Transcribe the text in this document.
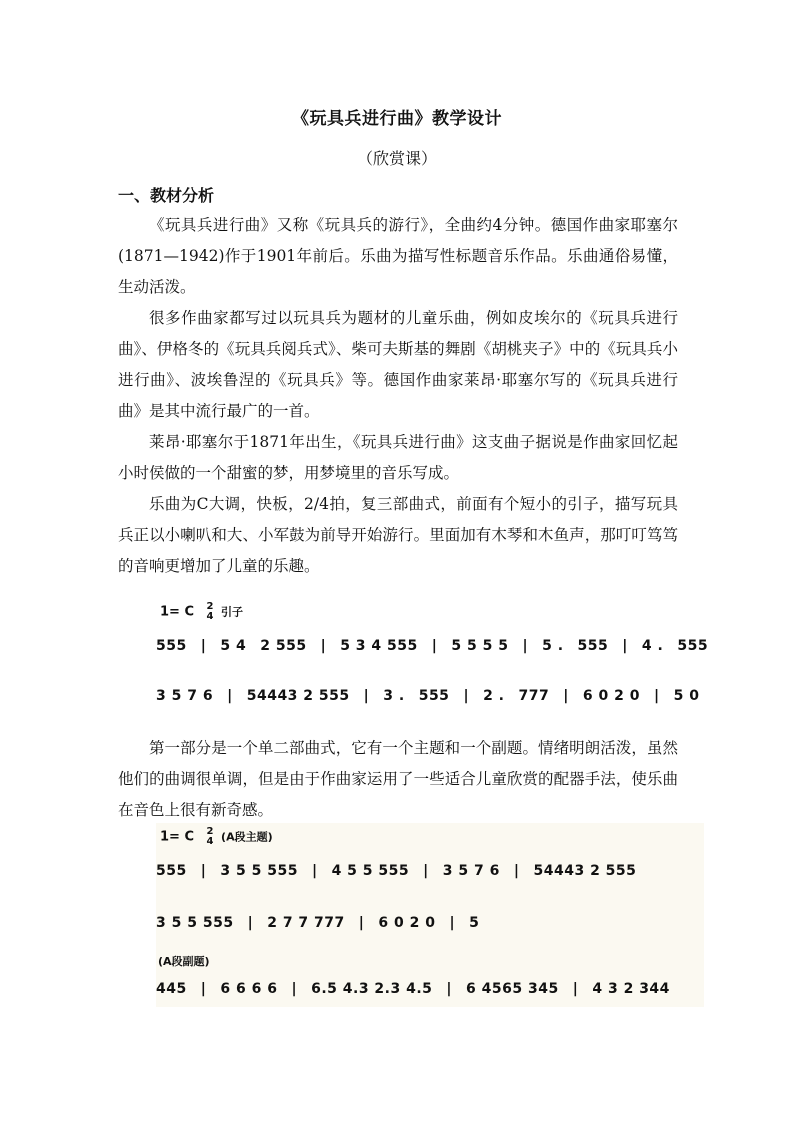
《玩具兵进行曲》教学设计
（欣赏课）
一、教材分析

《玩具兵进行曲》又称《玩具兵的游行》，全曲约4分钟。德国作曲家耶塞尔(1871—1942)作于1901年前后。乐曲为描写性标题音乐作品。乐曲通俗易懂，生动活泼。

很多作曲家都写过以玩具兵为题材的儿童乐曲，例如皮埃尔的《玩具兵进行曲》、伊格冬的《玩具兵阅兵式》、柴可夫斯基的舞剧《胡桃夹子》中的《玩具兵小进行曲》、波埃鲁涅的《玩具兵》等。德国作曲家莱昂·耶塞尔写的《玩具兵进行曲》是其中流行最广的一首。

莱昂·耶塞尔于1871年出生，《玩具兵进行曲》这支曲子据说是作曲家回忆起小时侯做的一个甜蜜的梦，用梦境里的音乐写成。

乐曲为C大调，快板，2/4拍，复三部曲式，前面有个短小的引子，描写玩具兵正以小喇叭和大、小军鼓为前导开始游行。里面加有木琴和木鱼声，那叮叮笃笃的音响更增加了儿童的乐趣。

1= C 2
4 引子
555 | 5 4 2 555 | 5 3 4 555 | 5 5 5 5 | 5 . 555 | 4 . 555
3 5 7 6 | 54443 2 555 | 3 . 555 | 2 . 777 | 6 0 2 0 | 5 0

第一部分是一个单二部曲式，它有一个主题和一个副题。情绪明朗活泼，虽然他们的曲调很单调，但是由于作曲家运用了一些适合儿童欣赏的配器手法，使乐曲在音色上很有新奇感。

1= C 2
4 (A段主题)
555 | 3 5 5 555 | 4 5 5 555 | 3 5 7 6 | 54443 2 555
3 5 5 555 | 2 7 7 777 | 6 0 2 0 | 5
(A段副题)
445 | 6 6 6 6 | 6.5 4.3 2.3 4.5 | 6 4565 345 | 4 3 2 344
